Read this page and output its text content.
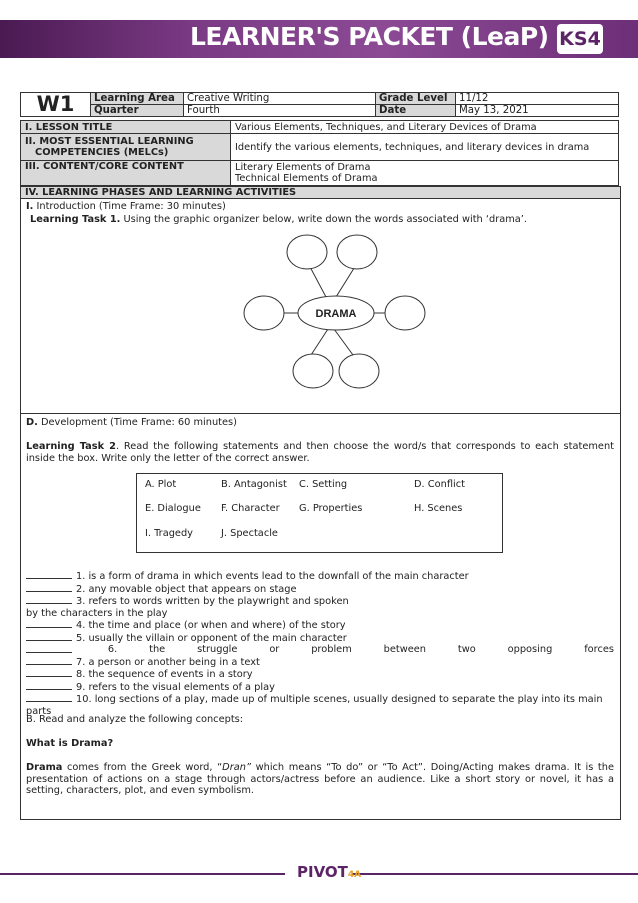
LEARNER'S PACKET (LeaP) KS4
W1	Learning Area	Creative Writing	Grade Level	11/12
	Quarter	Fourth	Date	May 13, 2021
I. LESSON TITLE	Various Elements, Techniques, and Literary Devices of Drama

II. MOST ESSENTIAL LEARNING
COMPETENCIES (MELCs)	Identify the various elements, techniques, and literary devices in drama
III. CONTENT/CORE CONTENT	Literary Elements of Drama
Technical Elements of Drama
IV. LEARNING PHASES AND LEARNING ACTIVITIES
I. Introduction (Time Frame: 30 minutes)
Learning Task 1. Using the graphic organizer below, write down the words associated with ‘drama’.
DRAMA
D. Development (Time Frame: 60 minutes)
Learning Task 2. Read the following statements and then choose the word/s that corresponds to each statement inside the box. Write only the letter of the correct answer.
A. Plot	B. Antagonist C. Setting	D. Conflict
E. Dialogue F. Character G. Properties	H. Scenes
I. Tragedy	J. Spectacle
1. is a form of drama in which events lead to the downfall of the main character
2. any movable object that appears on stage
3. refers to words written by the playwright and spoken
by the characters in the play
4. the time and place (or when and where) of the story
5. usually the villain or opponent of the main character
6.	the	struggle	or	problem	between	two	opposing	forces
7. a person or another being in a text
8. the sequence of events in a story
9. refers to the visual elements of a play
10. long sections of a play, made up of multiple scenes, usually designed to separate the play into its main parts
B. Read and analyze the following concepts:
What is Drama?
Drama comes from the Greek word, “Dran” which means “To do” or “To Act”. Doing/Acting makes drama. It is the presentation of actions on a stage through actors/actress before an audience. Like a short story or novel, it has a setting, characters, plot, and even symbolism.
PIVOT4A
